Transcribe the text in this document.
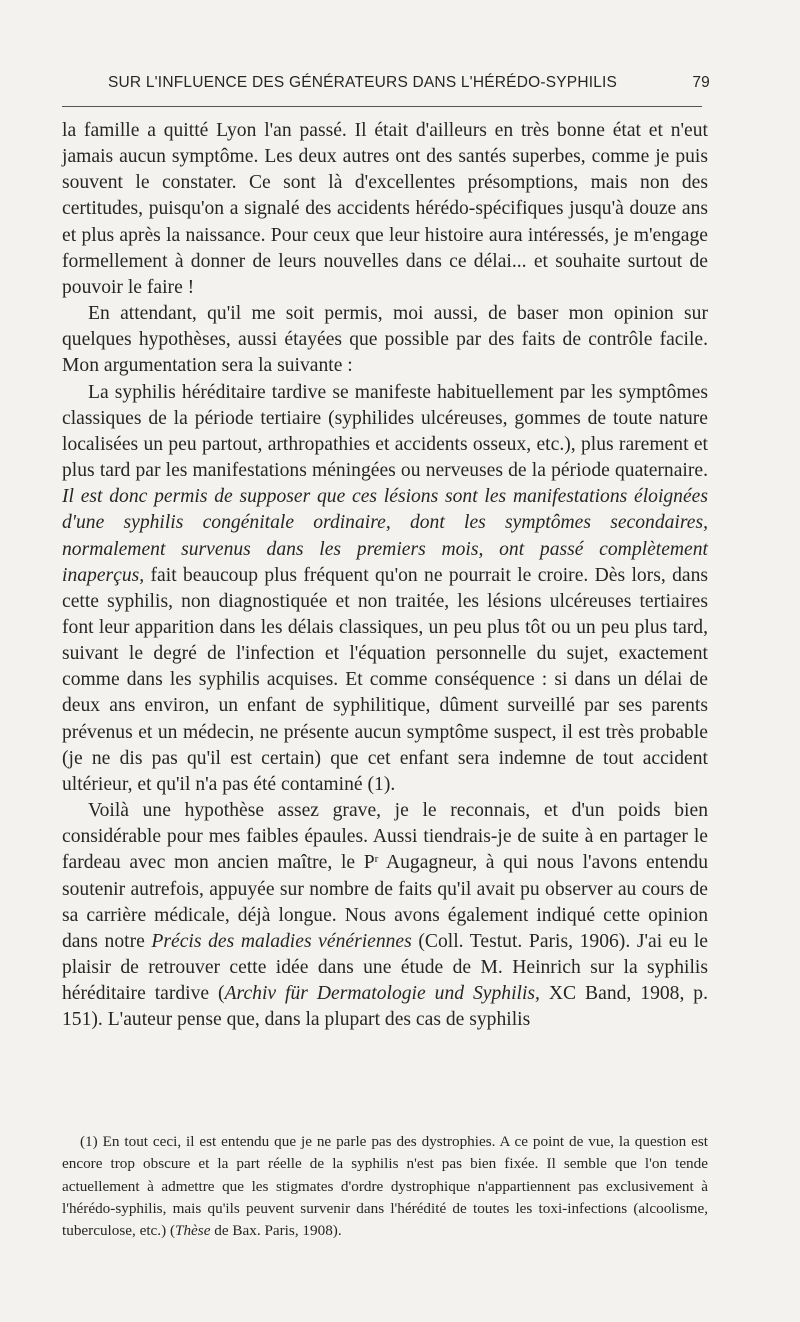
SUR L'INFLUENCE DES GÉNÉRATEURS DANS L'HÉRÉDO-SYPHILIS	79

la famille a quitté Lyon l'an passé. Il était d'ailleurs en très bonne état et n'eut jamais aucun symptôme. Les deux autres ont des santés superbes, comme je puis souvent le constater. Ce sont là d'excellentes présomptions, mais non des certitudes, puisqu'on a signalé des accidents hérédo-spécifiques jusqu'à douze ans et plus après la naissance. Pour ceux que leur histoire aura intéressés, je m'engage formellement à donner de leurs nouvelles dans ce délai... et souhaite surtout de pouvoir le faire !

En attendant, qu'il me soit permis, moi aussi, de baser mon opinion sur quelques hypothèses, aussi étayées que possible par des faits de contrôle facile. Mon argumentation sera la suivante :

La syphilis héréditaire tardive se manifeste habituellement par les symptômes classiques de la période tertiaire (syphilides ulcéreuses, gommes de toute nature localisées un peu partout, arthropathies et accidents osseux, etc.), plus rarement et plus tard par les manifestations méningées ou nerveuses de la période quaternaire. Il est donc permis de supposer que ces lésions sont les manifestations éloignées d'une syphilis congénitale ordinaire, dont les symptômes secondaires, normalement survenus dans les premiers mois, ont passé complètement inaperçus, fait beaucoup plus fréquent qu'on ne pourrait le croire. Dès lors, dans cette syphilis, non diagnostiquée et non traitée, les lésions ulcéreuses tertiaires font leur apparition dans les délais classiques, un peu plus tôt ou un peu plus tard, suivant le degré de l'infection et l'équation personnelle du sujet, exactement comme dans les syphilis acquises. Et comme conséquence : si dans un délai de deux ans environ, un enfant de syphilitique, dûment surveillé par ses parents prévenus et un médecin, ne présente aucun symptôme suspect, il est très probable (je ne dis pas qu'il est certain) que cet enfant sera indemne de tout accident ultérieur, et qu'il n'a pas été contaminé (1).

Voilà une hypothèse assez grave, je le reconnais, et d'un poids bien considérable pour mes faibles épaules. Aussi tiendrais-je de suite à en partager le fardeau avec mon ancien maître, le $P^r$ Augagneur, à qui nous l'avons entendu soutenir autrefois, appuyée sur nombre de faits qu'il avait pu observer au cours de sa carrière médicale, déjà longue. Nous avons également indiqué cette opinion dans notre Précis des maladies vénériennes (Coll. Testut. Paris, 1906). J'ai eu le plaisir de retrouver cette idée dans une étude de M. Heinrich sur la syphilis héréditaire tardive (Archiv für Dermatologie und Syphilis, XC Band, 1908, p. 151). L'auteur pense que, dans la plupart des cas de syphilis

(1) En tout ceci, il est entendu que je ne parle pas des dystrophies. A ce point de vue, la question est encore trop obscure et la part réelle de la syphilis n'est pas bien fixée. Il semble que l'on tende actuellement à admettre que les stigmates d'ordre dystrophique n'appartiennent pas exclusivement à l'hérédo-syphilis, mais qu'ils peuvent survenir dans l'hérédité de toutes les toxi-infections (alcoolisme, tuberculose, etc.) (Thèse de Bax. Paris, 1908).
